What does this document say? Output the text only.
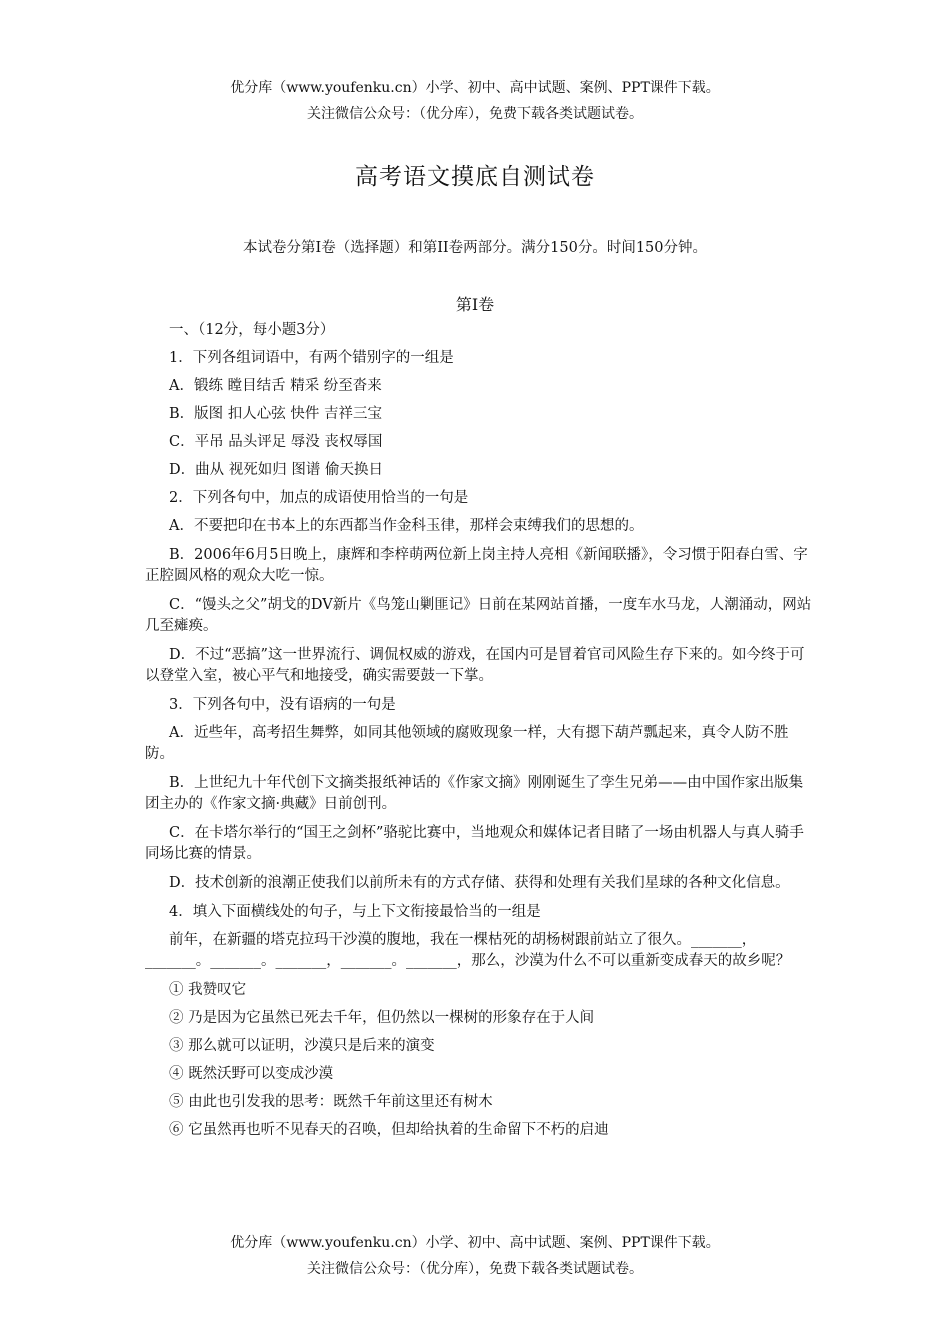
优分库（www.youfenku.cn）小学、初中、高中试题、案例、PPT课件下载。
关注微信公众号：（优分库），免费下载各类试题试卷。
高考语文摸底自测试卷
本试卷分第I卷（选择题）和第II卷两部分。满分150分。时间150分钟。
第I卷

一、（12分，每小题3分）

1．下列各组词语中，有两个错别字的一组是

A．锻练 瞠目结舌 精采 纷至沓来

B．版图 扣人心弦 快件 吉祥三宝

C．平吊 品头评足 辱没 丧权辱国

D．曲从 视死如归 图谱 偷天换日

2．下列各句中，加点的成语使用恰当的一句是

A．不要把印在书本上的东西都当作金科玉律，那样会束缚我们的思想的。

B．2006年6月5日晚上，康辉和李梓萌两位新上岗主持人亮相《新闻联播》，令习惯于阳春白雪、字正腔圆风格的观众大吃一惊。

C．“馒头之父”胡戈的DV新片《鸟笼山剿匪记》日前在某网站首播，一度车水马龙，人潮涌动，网站几至瘫痪。

D．不过“恶搞”这一世界流行、调侃权威的游戏，在国内可是冒着官司风险生存下来的。如今终于可以登堂入室，被心平气和地接受，确实需要鼓一下掌。

3．下列各句中，没有语病的一句是

A．近些年，高考招生舞弊，如同其他领域的腐败现象一样，大有摁下葫芦瓢起来，真令人防不胜防。

B．上世纪九十年代创下文摘类报纸神话的《作家文摘》刚刚诞生了孪生兄弟——由中国作家出版集团主办的《作家文摘·典藏》日前创刊。

C．在卡塔尔举行的“国王之剑杯”骆驼比赛中，当地观众和媒体记者目睹了一场由机器人与真人骑手同场比赛的情景。

D．技术创新的浪潮正使我们以前所未有的方式存储、获得和处理有关我们星球的各种文化信息。

4．填入下面横线处的句子，与上下文衔接最恰当的一组是

前年，在新疆的塔克拉玛干沙漠的腹地，我在一棵枯死的胡杨树跟前站立了很久。_______，_______。_______。_______，_______。_______，那么，沙漠为什么不可以重新变成春天的故乡呢？

① 我赞叹它

② 乃是因为它虽然已死去千年，但仍然以一棵树的形象存在于人间

③ 那么就可以证明，沙漠只是后来的演变

④ 既然沃野可以变成沙漠

⑤ 由此也引发我的思考：既然千年前这里还有树木

⑥ 它虽然再也听不见春天的召唤，但却给执着的生命留下不朽的启迪

优分库（www.youfenku.cn）小学、初中、高中试题、案例、PPT课件下载。
关注微信公众号：（优分库），免费下载各类试题试卷。
